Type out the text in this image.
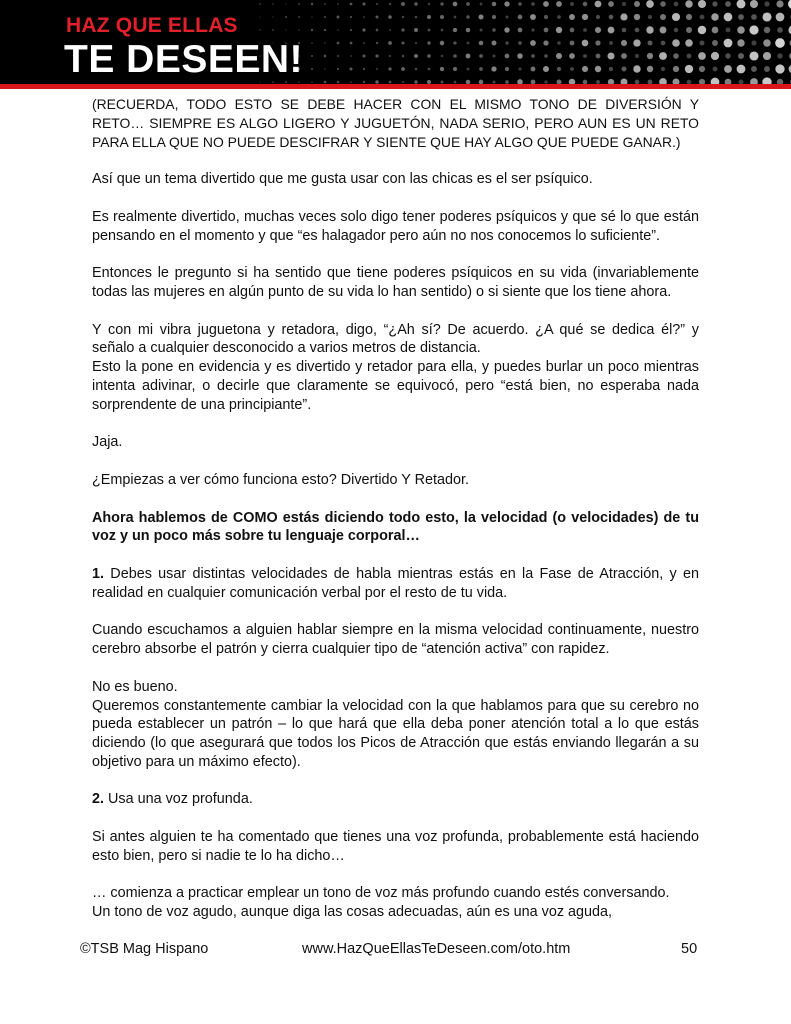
HAZ QUE ELLAS
TE DESEEN!

(RECUERDA, TODO ESTO SE DEBE HACER CON EL MISMO TONO DE DIVERSIÓN Y RETO… SIEMPRE ES ALGO LIGERO Y JUGUETÓN, NADA SERIO, PERO AUN ES UN RETO PARA ELLA QUE NO PUEDE DESCIFRAR Y SIENTE QUE HAY ALGO QUE PUEDE GANAR.)

Así que un tema divertido que me gusta usar con las chicas es el ser psíquico.

Es realmente divertido, muchas veces solo digo tener poderes psíquicos y que sé lo que están pensando en el momento y que “es halagador pero aún no nos conocemos lo suficiente”.

Entonces le pregunto si ha sentido que tiene poderes psíquicos en su vida (invariablemente todas las mujeres en algún punto de su vida lo han sentido) o si siente que los tiene ahora.

Y con mi vibra juguetona y retadora, digo, “¿Ah sí? De acuerdo. ¿A qué se dedica él?” y señalo a cualquier desconocido a varios metros de distancia.

Esto la pone en evidencia y es divertido y retador para ella, y puedes burlar un poco mientras intenta adivinar, o decirle que claramente se equivocó, pero “está bien, no esperaba nada sorprendente de una principiante”.

Jaja.

¿Empiezas a ver cómo funciona esto? Divertido Y Retador.

Ahora hablemos de COMO estás diciendo todo esto, la velocidad (o velocidades) de tu voz y un poco más sobre tu lenguaje corporal…

1. Debes usar distintas velocidades de habla mientras estás en la Fase de Atracción, y en realidad en cualquier comunicación verbal por el resto de tu vida.

Cuando escuchamos a alguien hablar siempre en la misma velocidad continuamente, nuestro cerebro absorbe el patrón y cierra cualquier tipo de “atención activa” con rapidez.

No es bueno.

Queremos constantemente cambiar la velocidad con la que hablamos para que su cerebro no pueda establecer un patrón – lo que hará que ella deba poner atención total a lo que estás diciendo (lo que asegurará que todos los Picos de Atracción que estás enviando llegarán a su objetivo para un máximo efecto).

2. Usa una voz profunda.

Si antes alguien te ha comentado que tienes una voz profunda, probablemente está haciendo esto bien, pero si nadie te lo ha dicho…

… comienza a practicar emplear un tono de voz más profundo cuando estés conversando.

Un tono de voz agudo, aunque diga las cosas adecuadas, aún es una voz aguda,

©TSB Mag Hispano	www.HazQueEllasTeDeseen.com/oto.htm	50
